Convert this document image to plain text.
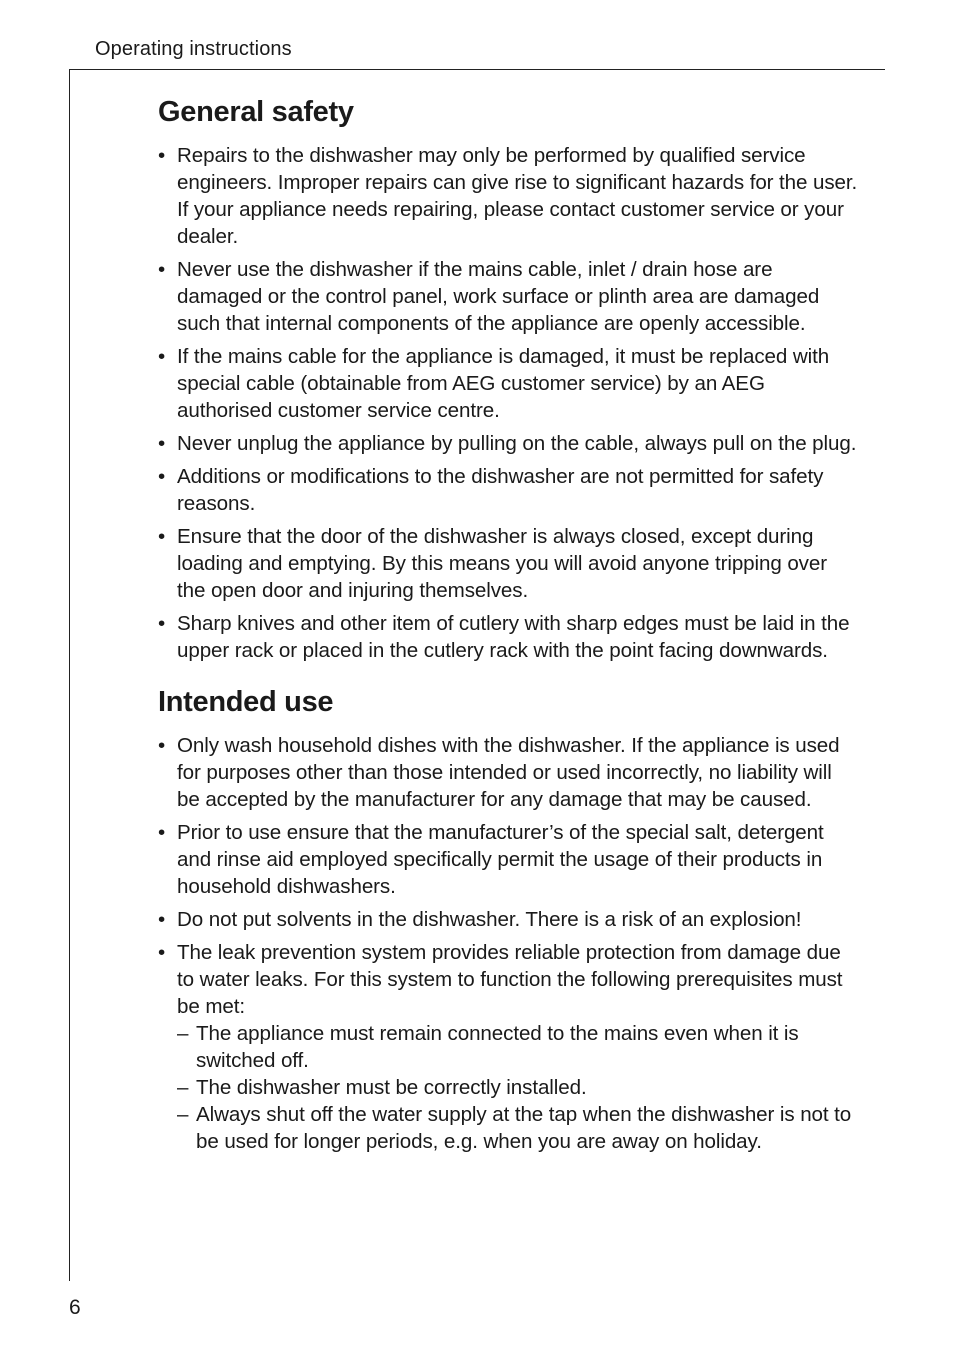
Operating instructions
General safety
• Repairs to the dishwasher may only be performed by qualified service engineers. Improper repairs can give rise to significant hazards for the user. If your appliance needs repairing, please contact customer service or your dealer.
• Never use the dishwasher if the mains cable, inlet / drain hose are damaged or the control panel, work surface or plinth area are damaged such that internal components of the appliance are openly accessible.
• If the mains cable for the appliance is damaged, it must be replaced with special cable (obtainable from AEG customer service) by an AEG authorised customer service centre.
• Never unplug the appliance by pulling on the cable, always pull on the plug.
• Additions or modifications to the dishwasher are not permitted for safety reasons.
• Ensure that the door of the dishwasher is always closed, except during loading and emptying. By this means you will avoid anyone tripping over the open door and injuring themselves.
• Sharp knives and other item of cutlery with sharp edges must be laid in the upper rack or placed in the cutlery rack with the point facing downwards.
Intended use
• Only wash household dishes with the dishwasher. If the appliance is used for purposes other than those intended or used incorrectly, no liability will be accepted by the manufacturer for any damage that may be caused.
• Prior to use ensure that the manufacturer’s of the special salt, detergent and rinse aid employed specifically permit the usage of their products in household dishwashers.
• Do not put solvents in the dishwasher. There is a risk of an explosion!
• The leak prevention system provides reliable protection from damage due to water leaks. For this system to function the following prerequisites must be met:
– The appliance must remain connected to the mains even when it is switched off.
– The dishwasher must be correctly installed.
– Always shut off the water supply at the tap when the dishwasher is not to be used for longer periods, e.g. when you are away on holiday.
6
